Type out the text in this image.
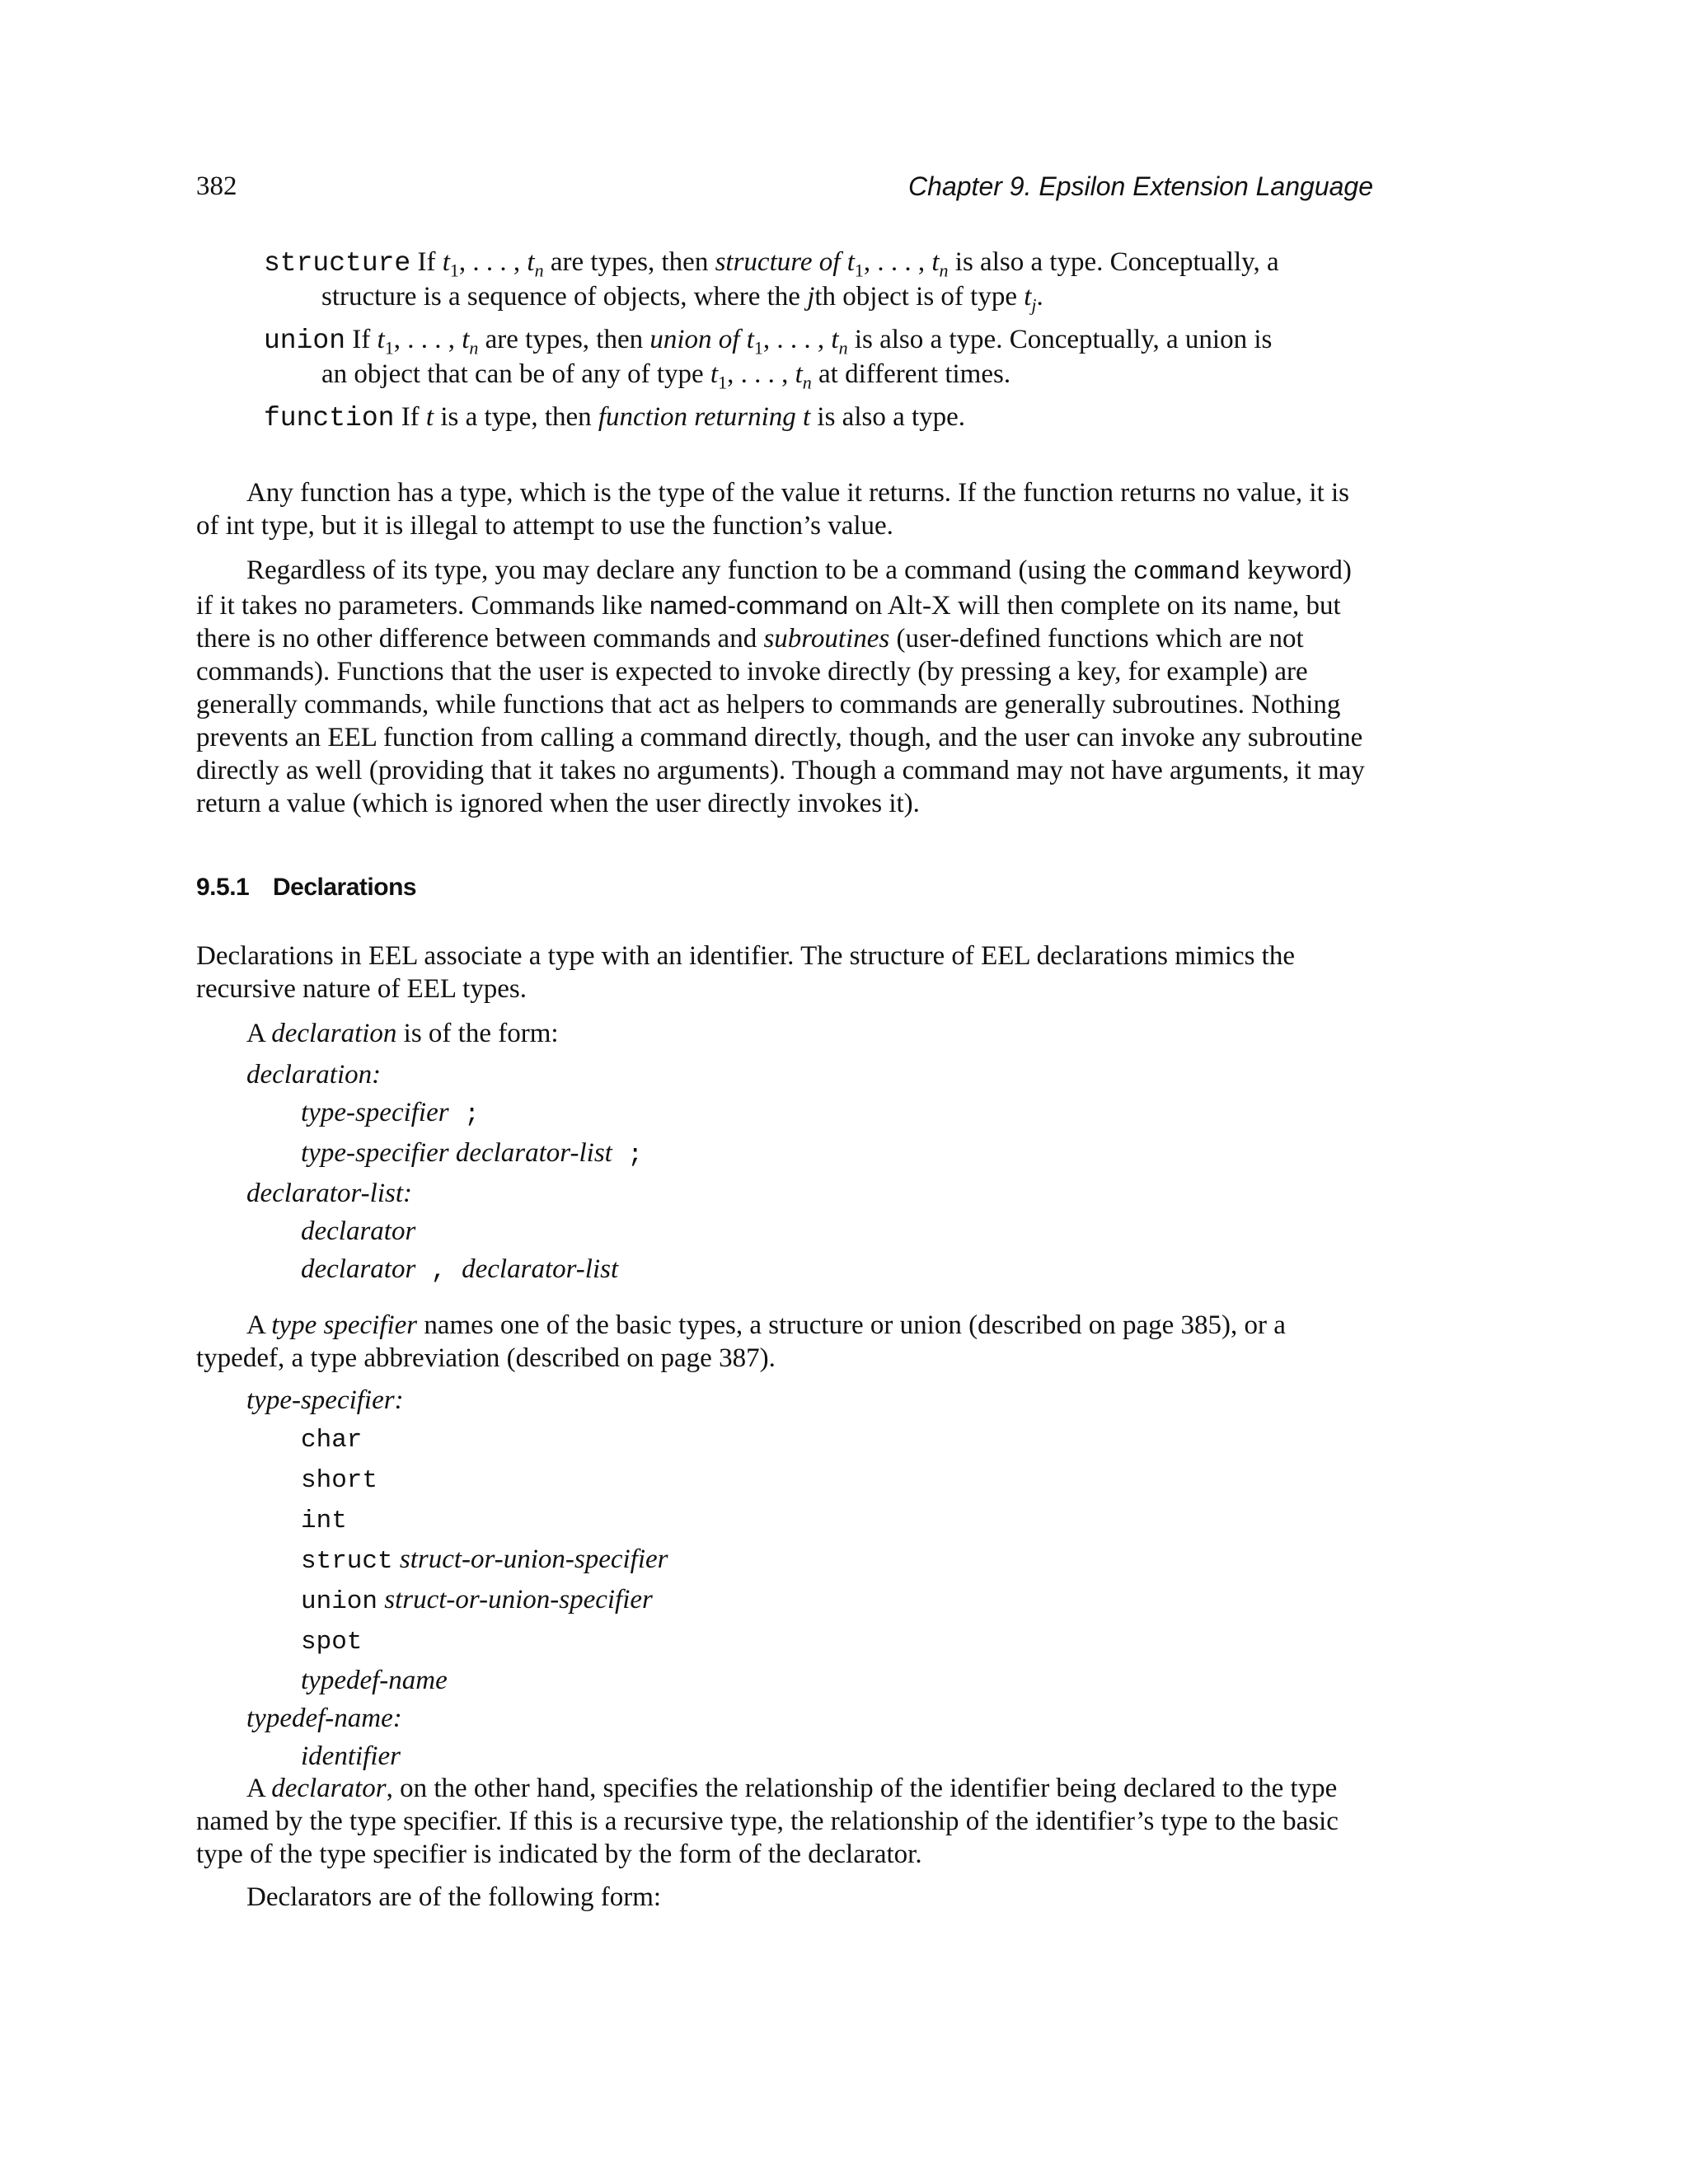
382	Chapter 9. Epsilon Extension Language
structure If $t_1$, . . . , $t_n$ are types, then structure of $t_1$, . . . , $t_n$ is also a type. Conceptually, a
structure is a sequence of objects, where the jth object is of type $t_j$.
union If $t_1$, . . . , $t_n$ are types, then union of $t_1$, . . . , $t_n$ is also a type. Conceptually, a union is
an object that can be of any of type $t_1$, . . . , $t_n$ at different times.
function If t is a type, then function returning t is also a type.

Any function has a type, which is the type of the value it returns. If the function returns no value, it is of int type, but it is illegal to attempt to use the function’s value.

Regardless of its type, you may declare any function to be a command (using the command keyword) if it takes no parameters. Commands like named-command on Alt-X will then complete on its name, but there is no other difference between commands and subroutines (user-defined functions which are not commands). Functions that the user is expected to invoke directly (by pressing a key, for example) are generally commands, while functions that act as helpers to commands are generally subroutines. Nothing prevents an EEL function from calling a command directly, though, and the user can invoke any subroutine directly as well (providing that it takes no arguments). Though a command may not have arguments, it may return a value (which is ignored when the user directly invokes it).

9.5.1 Declarations

Declarations in EEL associate a type with an identifier. The structure of EEL declarations mimics the recursive nature of EEL types.

A declaration is of the form:

declaration:
type-specifier ;
type-specifier declarator-list ;
declarator-list:
declarator
declarator , declarator-list

A type specifier names one of the basic types, a structure or union (described on page 385), or a typedef, a type abbreviation (described on page 387).

type-specifier:
char
short
int
struct struct-or-union-specifier
union struct-or-union-specifier
spot
typedef-name
typedef-name:
identifier

A declarator, on the other hand, specifies the relationship of the identifier being declared to the type named by the type specifier. If this is a recursive type, the relationship of the identifier’s type to the basic type of the type specifier is indicated by the form of the declarator.

Declarators are of the following form:
